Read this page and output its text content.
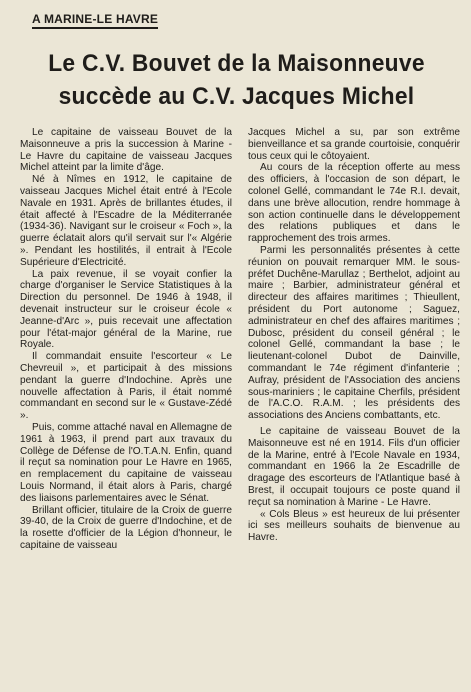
A MARINE-LE HAVRE
Le C.V. Bouvet de la Maisonneuve
succède au C.V. Jacques Michel

Le capitaine de vaisseau Bouvet de la Maisonneuve a pris la succession à Marine - Le Havre du capitaine de vaisseau Jacques Michel atteint par la limite d'âge.

Né à Nîmes en 1912, le capitaine de vaisseau Jacques Michel était entré à l'Ecole Navale en 1931. Après de brillantes études, il était affecté à l'Escadre de la Méditerranée (1934-36). Navigant sur le croiseur « Foch », la guerre éclatait alors qu'il servait sur l'« Algérie ». Pendant les hostilités, il entrait à l'Ecole Supérieure d'Electricité.

La paix revenue, il se voyait confier la charge d'organiser le Service Statistiques à la Direction du personnel. De 1946 à 1948, il devenait instructeur sur le croiseur école « Jeanne-d'Arc », puis recevait une affectation pour l'état-major général de la Marine, rue Royale.

Il commandait ensuite l'escorteur « Le Chevreuil », et participait à des missions pendant la guerre d'Indochine. Après une nouvelle affectation à Paris, il était nommé commandant en second sur le « Gustave-Zédé ».

Puis, comme attaché naval en Allemagne de 1961 à 1963, il prend part aux travaux du Collège de Défense de l'O.T.A.N. Enfin, quand il reçut sa nomination pour Le Havre en 1965, en remplacement du capitaine de vaisseau Louis Normand, il était alors à Paris, chargé des liaisons parlementaires avec le Sénat.

Brillant officier, titulaire de la Croix de guerre 39-40, de la Croix de guerre d'Indochine, et de la rosette d'officier de la Légion d'honneur, le capitaine de vaisseau

Jacques Michel a su, par son extrême bienveillance et sa grande courtoisie, conquérir tous ceux qui le côtoyaient.

Au cours de la réception offerte au mess des officiers, à l'occasion de son départ, le colonel Gellé, commandant le 74e R.I. devait, dans une brève allocution, rendre hommage à son action continuelle dans le développement des relations publiques et dans le rapprochement des trois armes.

Parmi les personnalités présentes à cette réunion on pouvait remarquer MM. le sous-préfet Duchêne-Marullaz ; Berthelot, adjoint au maire ; Barbier, administrateur général et directeur des affaires maritimes ; Thieullent, président du Port autonome ; Saguez, administrateur en chef des affaires maritimes ; Dubosc, président du conseil général ; le colonel Gellé, commandant la base ; le lieutenant-colonel Dubot de Dainville, commandant le 74e régiment d'infanterie ; Aufray, président de l'Association des anciens sous-mariniers ; le capitaine Cherfils, président de l'A.C.O. R.A.M. ; les présidents des associations des Anciens combattants, etc.

Le capitaine de vaisseau Bouvet de la Maisonneuve est né en 1914. Fils d'un officier de la Marine, entré à l'Ecole Navale en 1934, commandant en 1966 la 2e Escadrille de dragage des escorteurs de l'Atlantique basé à Brest, il occupait toujours ce poste quand il reçut sa nomination à Marine - Le Havre.

« Cols Bleus » est heureux de lui présenter ici ses meilleurs souhaits de bienvenue au Havre.
